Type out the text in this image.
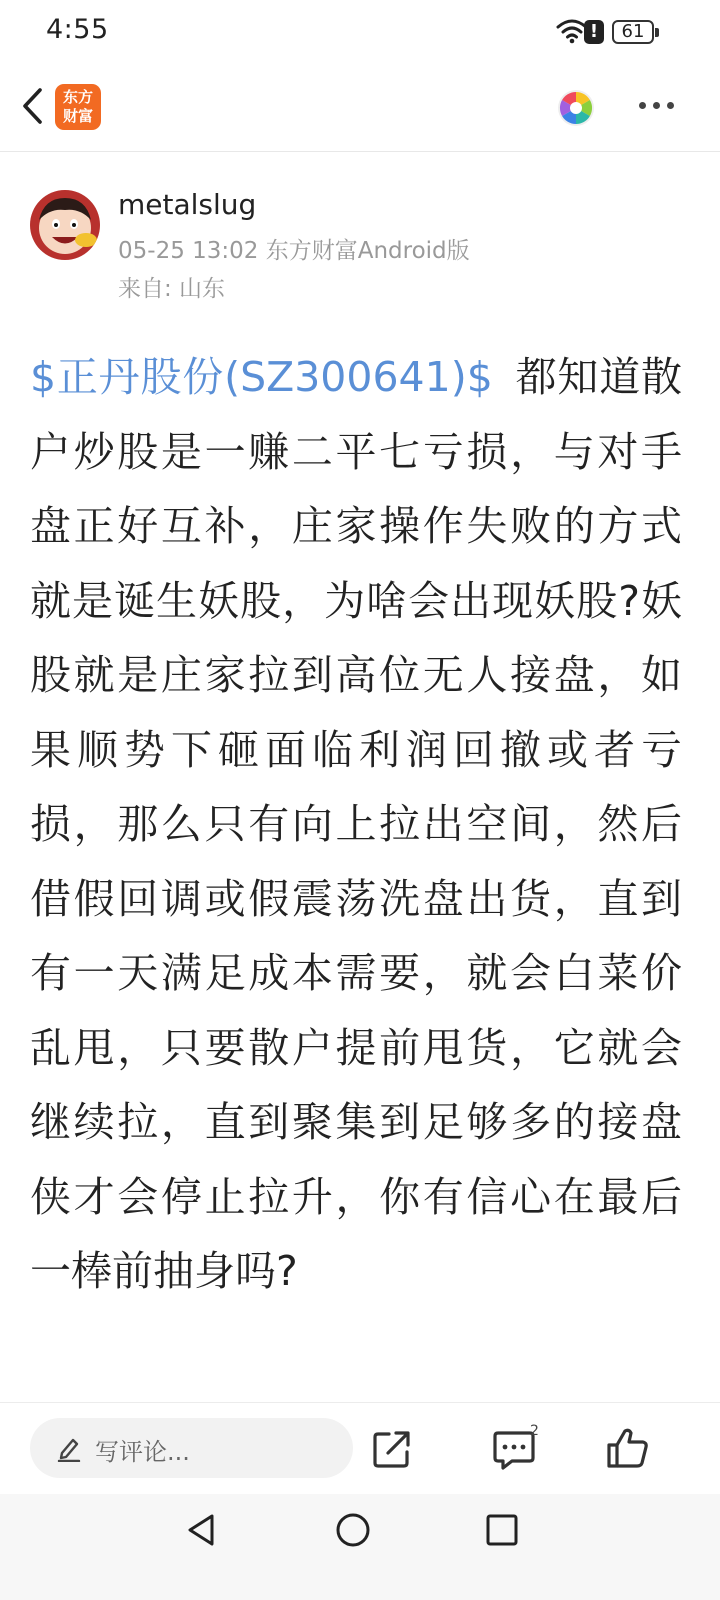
4:55	!	61
东方
财富
metalslug
05-25 13:02 东方财富Android版
来自: 山东
$正丹股份(SZ300641)$ 都知道散户炒股是一赚二平七亏损，与对手盘正好互补，庄家操作失败的方式就是诞生妖股，为啥会出现妖股?妖股就是庄家拉到高位无人接盘，如果顺势下砸面临利润回撤或者亏损，那么只有向上拉出空间，然后借假回调或假震荡洗盘出货，直到有一天满足成本需要，就会白菜价乱甩，只要散户提前甩货，它就会继续拉，直到聚集到足够多的接盘侠才会停止拉升，你有信心在最后一棒前抽身吗?
写评论...
2
